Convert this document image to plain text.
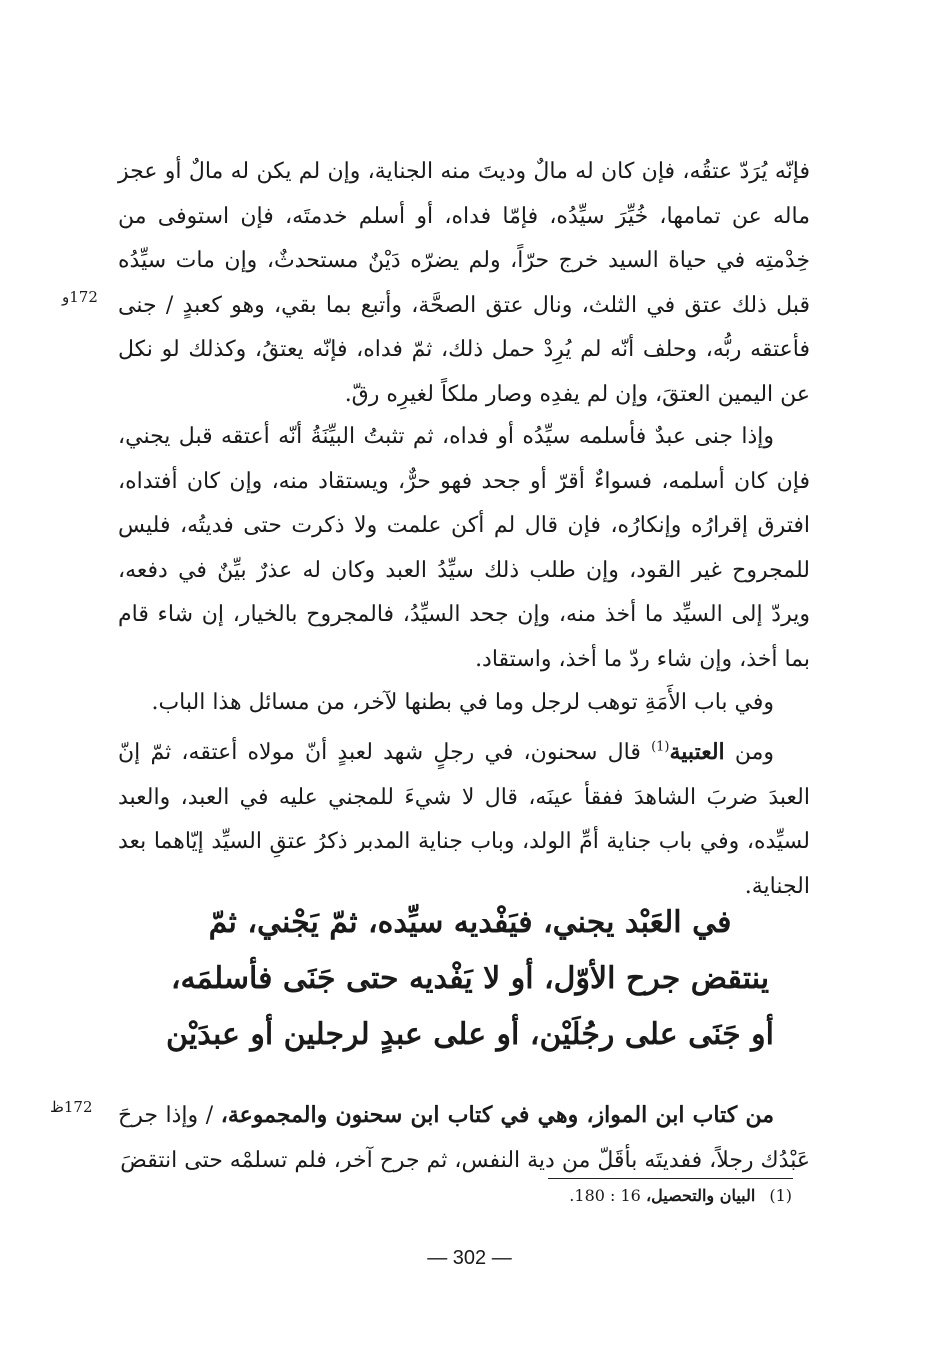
172و

فإنّه يُرَدّ عتقُه، فإن كان له مالٌ وديتَ منه الجناية، وإن لم يكن له مالٌ أو عجز ماله عن تمامها، خُيِّرَ سيِّدُه، فإمّا فداه، أو أسلم خدمتَه، فإن استوفى من خِدْمتِه في حياة السيد خرج حرّاً، ولم يضرّه دَيْنٌ مستحدثٌ، وإن مات سيِّدُه قبل ذلك عتق في الثلث، ونال عتق الصحَّة، وأتبع بما بقي، وهو كعبدٍ / جنى فأعتقه ربُّه، وحلف أنّه لم يُرِدْ حمل ذلك، ثمّ فداه، فإنّه يعتقُ، وكذلك لو نكل عن اليمين العتقَ، وإن لم يفدِه وصار ملكاً لغيرِه رقّ.

وإذا جنى عبدٌ فأسلمه سيِّدُه أو فداه، ثم تثبتُ البيِّنَةُ أنّه أعتقه قبل يجني، فإن كان أسلمه، فسواءٌ أقرّ أو جحد فهو حرٌّ، ويستقاد منه، وإن كان أفتداه، افترق إقرارُه وإنكارُه، فإن قال لم أكن علمت ولا ذكرت حتى فديتُه، فليس للمجروح غير القود، وإن طلب ذلك سيِّدُ العبد وكان له عذرٌ بيِّنٌ في دفعه، ويردّ إلى السيِّد ما أخذ منه، وإن جحد السيِّدُ، فالمجروح بالخيار، إن شاء قام بما أخذ، وإن شاء ردّ ما أخذ، واستقاد.

وفي باب الأَمَةِ توهب لرجل وما في بطنها لآخر، من مسائل هذا الباب.

ومن العتبية$^{(1)}$ قال سحنون، في رجلٍ شهد لعبدٍ أنّ مولاه أعتقه، ثمّ إنّ العبدَ ضربَ الشاهدَ ففقأ عينَه، قال لا شيءَ للمجني عليه في العبد، والعبد لسيِّده، وفي باب جناية أمِّ الولد، وباب جناية المدبر ذكرُ عتقِ السيِّد إيّاهما بعد الجناية.

في العَبْد يجني، فيَفْديه سيِّده، ثمّ يَجْني، ثمّ
ينتقض جرح الأوّل، أو لا يَفْديه حتى جَنَى فأسلمَه،
أو جَنَى على رجُلَيْن، أو على عبدٍ لرجلين أو عبدَيْن
172ظ	من كتاب ابن المواز، وهي في كتاب ابن سحنون والمجموعة، / وإذا جرحَ عَبْدُك رجلاً، ففديتَه بأقَلّ من دية النفس، ثم جرح آخر، فلم تسلمْه حتى انتقضَ

(1)البيان والتحصيل، 16 : 180.
— 302 —
